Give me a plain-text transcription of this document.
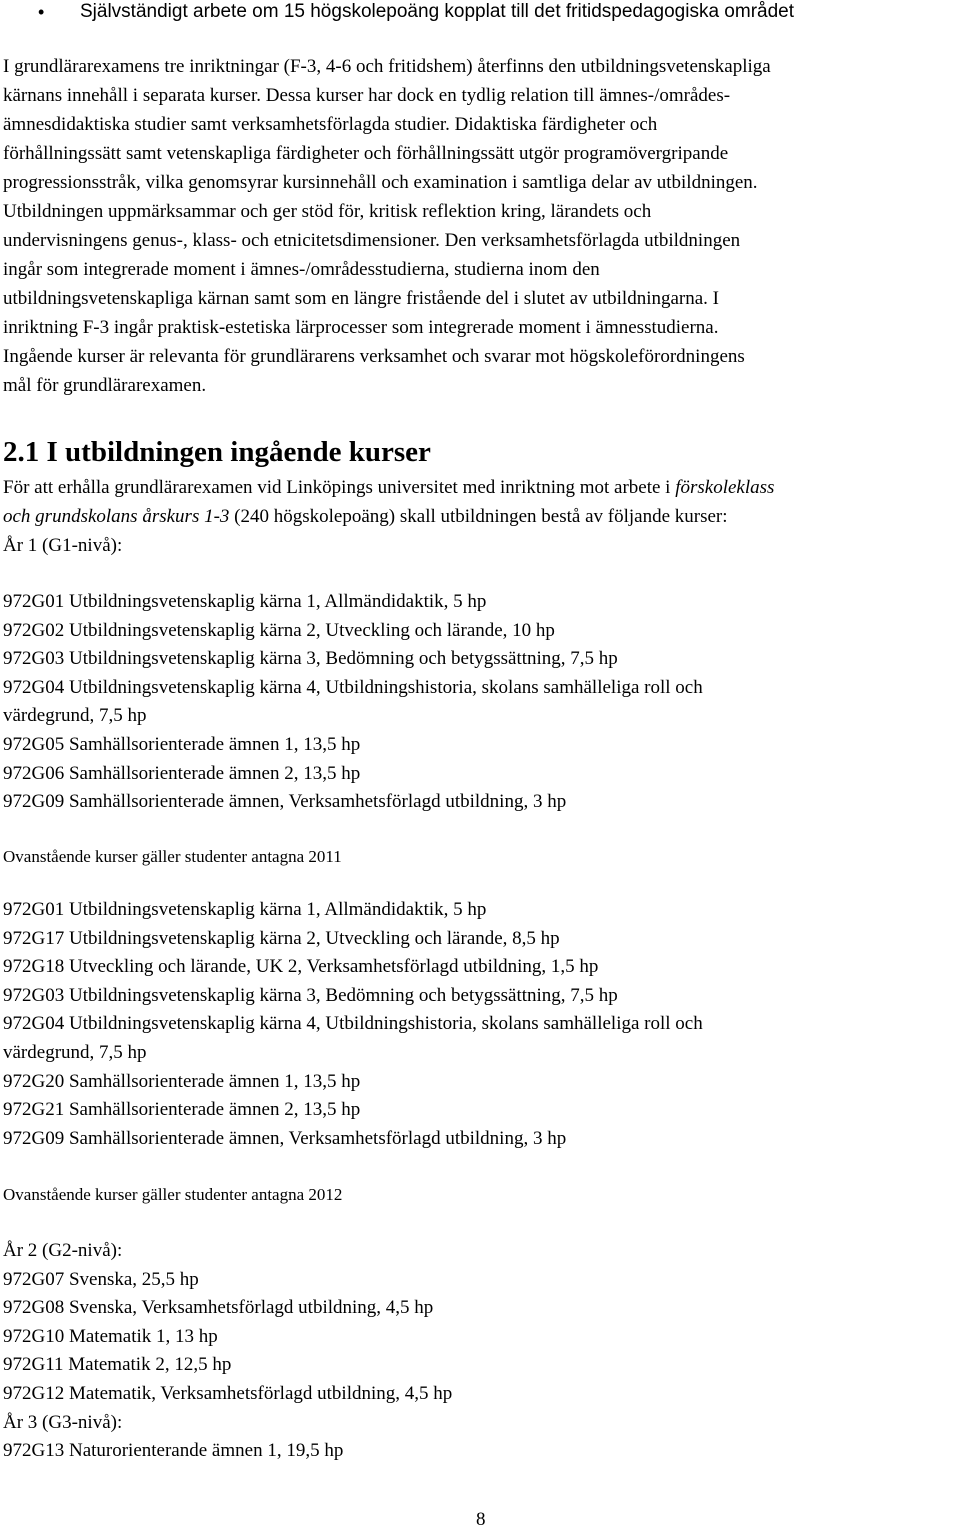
• Självständigt arbete om 15 högskolepoäng kopplat till det fritidspedagogiska området
I grundlärarexamens tre inriktningar (F-3, 4-6 och fritidshem) återfinns den utbildningsvetenskapliga
kärnans innehåll i separata kurser. Dessa kurser har dock en tydlig relation till ämnes-/områdes-
ämnesdidaktiska studier samt verksamhetsförlagda studier. Didaktiska färdigheter och
förhållningssätt samt vetenskapliga färdigheter och förhållningssätt utgör programövergripande
progressionsstråk, vilka genomsyrar kursinnehåll och examination i samtliga delar av utbildningen.
Utbildningen uppmärksammar och ger stöd för, kritisk reflektion kring, lärandets och
undervisningens genus-, klass- och etnicitetsdimensioner. Den verksamhetsförlagda utbildningen
ingår som integrerade moment i ämnes-/områdesstudierna, studierna inom den
utbildningsvetenskapliga kärnan samt som en längre fristående del i slutet av utbildningarna. I
inriktning F-3 ingår praktisk-estetiska lärprocesser som integrerade moment i ämnesstudierna.
Ingående kurser är relevanta för grundlärarens verksamhet och svarar mot högskoleförordningens
mål för grundlärarexamen.
2.1 I utbildningen ingående kurser
För att erhålla grundlärarexamen vid Linköpings universitet med inriktning mot arbete i förskoleklass
och grundskolans årskurs 1-3 (240 högskolepoäng) skall utbildningen bestå av följande kurser:
År 1 (G1-nivå):
972G01 Utbildningsvetenskaplig kärna 1, Allmändidaktik, 5 hp
972G02 Utbildningsvetenskaplig kärna 2, Utveckling och lärande, 10 hp
972G03 Utbildningsvetenskaplig kärna 3, Bedömning och betygssättning, 7,5 hp
972G04 Utbildningsvetenskaplig kärna 4, Utbildningshistoria, skolans samhälleliga roll och
värdegrund, 7,5 hp
972G05 Samhällsorienterade ämnen 1, 13,5 hp
972G06 Samhällsorienterade ämnen 2, 13,5 hp
972G09 Samhällsorienterade ämnen, Verksamhetsförlagd utbildning, 3 hp
Ovanstående kurser gäller studenter antagna 2011
972G01 Utbildningsvetenskaplig kärna 1, Allmändidaktik, 5 hp
972G17 Utbildningsvetenskaplig kärna 2, Utveckling och lärande, 8,5 hp
972G18 Utveckling och lärande, UK 2, Verksamhetsförlagd utbildning, 1,5 hp
972G03 Utbildningsvetenskaplig kärna 3, Bedömning och betygssättning, 7,5 hp
972G04 Utbildningsvetenskaplig kärna 4, Utbildningshistoria, skolans samhälleliga roll och
värdegrund, 7,5 hp
972G20 Samhällsorienterade ämnen 1, 13,5 hp
972G21 Samhällsorienterade ämnen 2, 13,5 hp
972G09 Samhällsorienterade ämnen, Verksamhetsförlagd utbildning, 3 hp
Ovanstående kurser gäller studenter antagna 2012
År 2 (G2-nivå):
972G07 Svenska, 25,5 hp
972G08 Svenska, Verksamhetsförlagd utbildning, 4,5 hp
972G10 Matematik 1, 13 hp
972G11 Matematik 2, 12,5 hp
972G12 Matematik, Verksamhetsförlagd utbildning, 4,5 hp
År 3 (G3-nivå):
972G13 Naturorienterande ämnen 1, 19,5 hp
8
